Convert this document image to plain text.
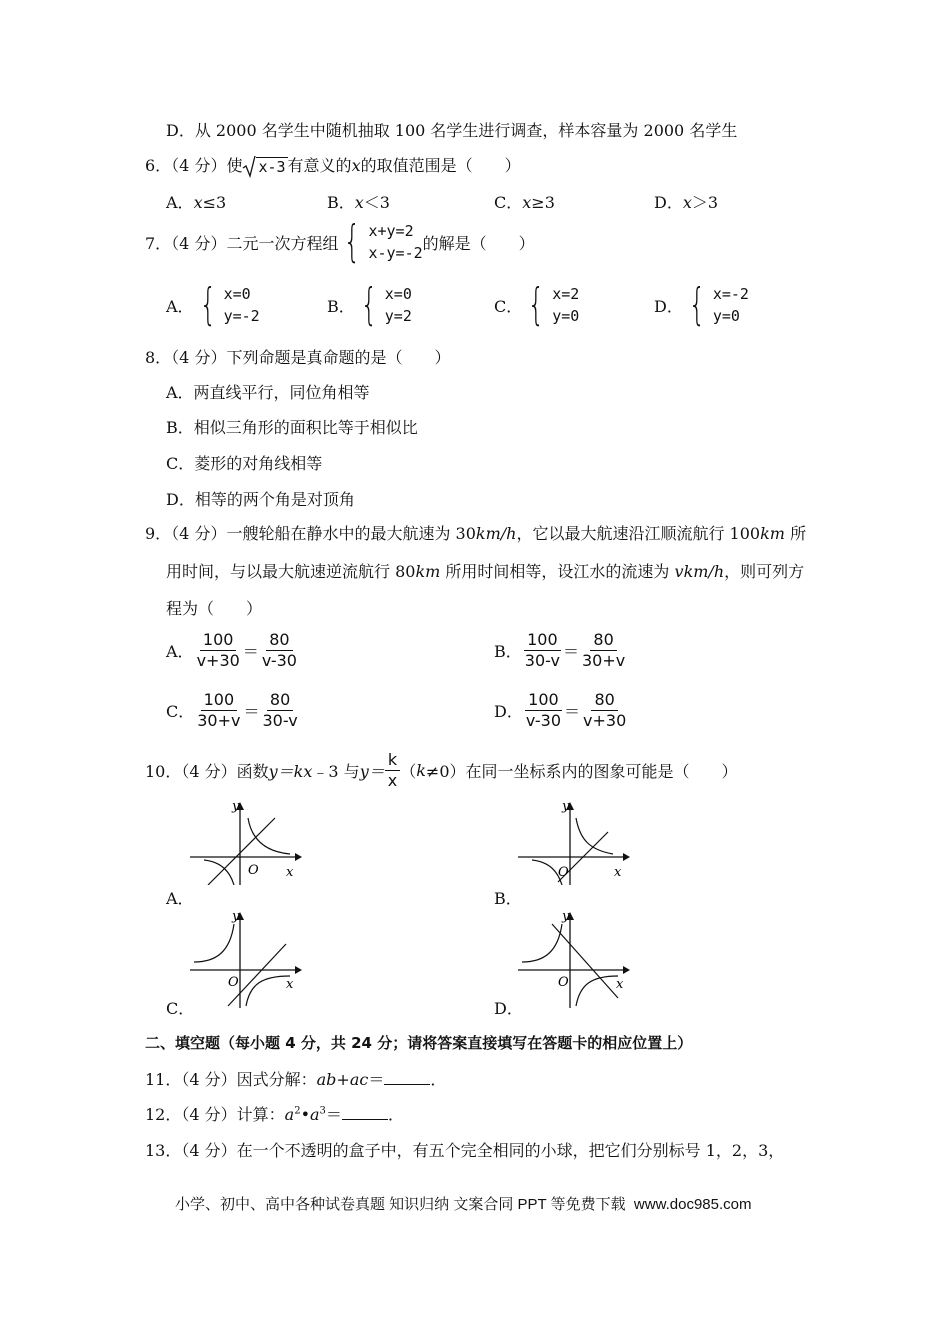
D．从 2000 名学生中随机抽取 100 名学生进行调查，样本容量为 2000 名学生
6．（4 分）使 x-3 有意义的x的取值范围是（　　）
A．x≤3	B．x＜3	C．x≥3	D．x＞3
7．（4 分）二元一次方程组 { x+y=2
x-y=-2
的解是（　　）
A． { x=0
y=-2
B． { x=0
y=2
C． { x=2
y=0
D． { x=-2
y=0
8．（4 分）下列命题是真命题的是（　　）
A．两直线平行，同位角相等
B．相似三角形的面积比等于相似比
C．菱形的对角线相等
D．相等的两个角是对顶角
9．（4 分）一艘轮船在静水中的最大航速为 30km/h，它以最大航速沿江顺流航行 100km 所
用时间，与以最大航速逆流航行 80km 所用时间相等，设江水的流速为 vkm/h，则可列方
程为（　　）
A． $\frac{100}{v+30} = \frac{80}{v-30}$	B． $\frac{100}{30-v} = \frac{80}{30+v}$
C． $\frac{100}{30+v} = \frac{80}{30-v}$	D． $\frac{100}{v-30} = \frac{80}{v+30}$
10．（4 分）函数 y＝kx ﹣3 与 $y= \frac{k}{x}$ （ k ≠0）在同一坐标系内的图象可能是（　　）
A．
y
x
O
B．
y
x
O
C．
y
x
O
D．
y
x
O
二、填空题（每小题 4 分，共 24 分；请将答案直接填写在答题卡的相应位置上）
11．（4 分）因式分解：ab+ac＝	．
12．（4 分）计算：$a^2•a^3=$	．
13．（4 分）在一个不透明的盒子中，有五个完全相同的小球，把它们分别标号 1，2，3，
小学、初中、高中各种试卷真题 知识归纳 文案合同 PPT 等免费下载 www.doc985.com
